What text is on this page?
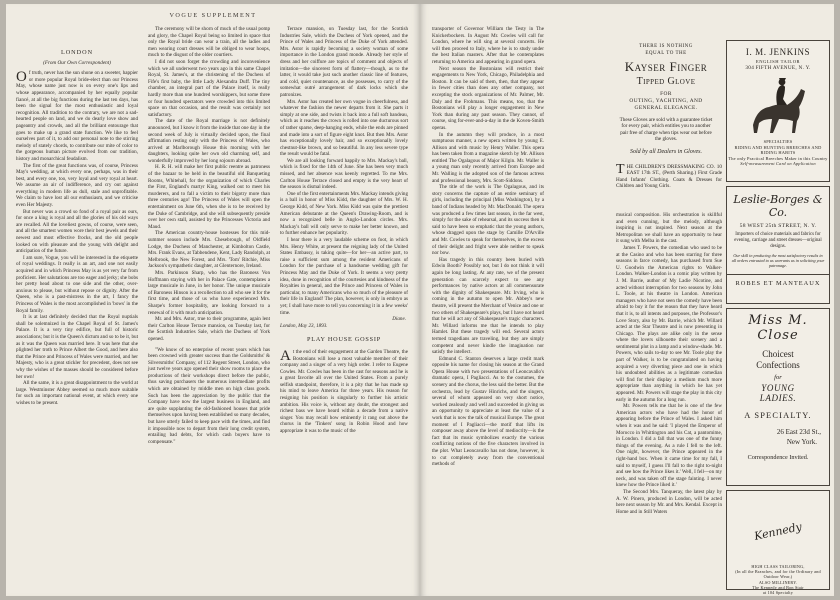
VOGUE SUPPLEMENT
LONDON
(From Our Own Correspondent)

Of truth, never has the sun shone on a sweeter, happier or more popular Royal bride-elect than our Princess May, whose name just now is on every one's lips and whose appearance, accompanied by her equally popular fiancé, at all the big functions during the last ten days, has been the signal for the most enthusiastic and loyal recognition. All tradition to the contrary, we are not a sad-hearted people on land, and we do dearly love show and pageantry and crowds, and all the brilliant entourage that goes to make up a grand state function. We like to feel ourselves part of it, to add our personal note to the stirring melody of stately chords, to contribute our mite of color to the gorgeous human picture evolved from our tradition, history and monarchical feudalism.

The first of the great functions was, of course, Princess May's wedding, at which every one, perhaps, was in their best, and every one, too, very loyal and very royal at heart. We assume an air of indifference, and cry out against everything in modern life as dull, stale and unprofitable. We claim to have lost all our enthusiasm, and we criticise even Her Majesty.

But never was a crowd so fond of a royal pair as ours, for once a king is royal and all the glories of his old ways are recalled. All the loveliest gowns, of course, were seen, and all the smartest women wore their best jewels and their newest and most effective frocks, and the old people looked on with pleasure and the young with delight and anticipation of the future.

I am sure, Vogue, you will be interested in the etiquette of royal weddings. It really is an art, and one not easily acquired and in which Princess May is as yet very far from proficient. Her salutations are too eager and jerky; she bobs her pretty head about to one side and the other, over-anxious to please, but without repose or dignity. After the Queen, who is a past-mistress in the art, I fancy the Princess of Wales is the most accomplished in 'bows' in the Royal family.

It is at last definitely decided that the Royal nuptials shall be solemnized in the Chapel Royal of St. James's Palace. It is a very tiny edifice, but full of historic associations; but it is the Queen's dictum and so to be it, but as it was the Queen was married here. It was here that she plighted her troth to Prince Albert the Good, and here also that the Prince and Princess of Wales were married, and her Majesty, who is a great stickler for precedent, does not see why the wishes of the masses should be considered before her own!

All the same, it is a great disappointment to the world at large. Westminster Abbey seemed so much more suitable for such an important national event, at which every one wishes to be present.

The ceremony will be shorn of much of the usual pomp and glory, the Chapel Royal being so limited in space that only the Royal bride can wear a train, all the ladies and men wearing court dresses will be obliged to wear hoops, much to the disgust of the older courtiers.

I did not soon forget the crowding and inconvenience which we all underwent two years ago in this same Chapel Royal, St. James's, at the christening of the Duchess of Fife's first baby, the little Lady Alexandra Duff. The tiny chamber, an integral part of the Palace itself, is really hardly more than one hundred worshippers, but some three or four hundred spectators were crowded into this limited space on that occasion, and the result was certainly not satisfactory.

The date of the Royal marriage is not definitely announced, but I know it from the inside that one day in the second week of July is virtually decided upon, the final affirmation resting only with the Princess of Wales, who arrived at Marlborough House this morning with her daughters, looking quite her own old charming self, and wonderfully improved by her long sojourn abroad.

H. R. H. will make her first public reentre as patroness of the bazaar to be held in the beautiful old Banqueting Rooms, Whitehall, for the organization of which Charles the First, England's martyr King, walked out to meet his murderers, and to fall a victim to their bigotry more than three centuries ago! The Princess of Wales will open the entertainment on June 6th, when she is to be received by the Duke of Cambridge, and she will subsequently preside over her own stall, assisted by the Princesses Victoria and Maud.

The American country-house hostesses for this mid-summer season include Mrs. Chesebrough, of Oldfield Lodge, the Duchess of Manchester, at Kimbolton Castle, Mrs. Frank Evans, at Tabbendene, Kent, Lady Randolph, at Melbrook, the New Forest, and Mrs. 'Tom' Ritchie, Miss Jackson's sympathetic daughter, at Glenternore, Ireland.

Mrs. Parkinson Sharp, who has the Baroness Von Hoffmann staying with her in Palace Gate, contemplates a large musicale in June, in her honor. The unique musicale of Baroness Hinson is a recollection to all who see it for the first time, and those of us who have experienced Mrs. Sharpe's former hospitality, are looking forward to a renewal of it with much anticipation.

Mr. and Mrs. Astor, true to their programme, again lent their Carlton House Terrace mansion, on Tuesday last, for the Scottish Industries Sale, which the Duchess of York opened.

"We know of no enterprise of recent years which has been crowned with greater success than the Goldsmiths' & Silversmiths' Company, of 112 Regent Street, London, who just twelve years ago opened their show rooms to place the productions of their workshops direct before the public, thus saving purchasers the numerous intermediate profits which are obtained by middle men on high class goods. Such has been the appreciation by the public that the Company have now the largest business in England, and are quite supplanting the old-fashioned houses that pride themselves upon having been established so many decades, but have utterly failed to keep pace with the times, and find it impossible now to depart from their long credit system, entailing bad debts, for which cash buyers have to compensate."

Terrace mansion, on Tuesday last, for the Scottish Industries Sale, which the Duchess of York opened, and the Prince of Wales and Princess of the Duke of York attended. Mrs. Astor is rapidly becoming a society woman of some importance in the London grand monde. Already her style of dress and her coiffure are topics of comment and objects of imitation—the sincerest form of flattery—though, as to the latter, it would take just such another classic line of features, and cold, quiet countenance, as she possesses, to carry of the somewhat outré arrangement of dark locks which she patronizes.

Mrs. Astor has created her own vogue in cheerfulness, and whatever the fashion the newer departs from it. She parts it simply at one side, and twists it back into a full soft bandeau, which as it reaches the crown is rolled into one ducturous sort of rather sparse, deep-hanging ends, while the ends are pinned and made into a sort of figure eight knot. But then Mrs. Astor has exceptionally lovely hair, and so exceptionally lovely chestnut-like brown, and so beautiful. In any less severe type the result would be fatal.

We are all looking forward happily to Mrs. Mackay's ball, which is fixed for the 14th of June. She has been very much missed, and her absence was keenly regretted. To me Mrs. Carlton House Terrace closed and empty is the very heart of the season is dismal indeed.

One of the first entertainments Mrs. Mackay intends giving is a ball in honor of Miss Kidd, the daughter of Mrs. W. H. George Kidd, of New York. Miss Kidd was quite the prettiest American debutante at the Queen's Drawing-Room, and is now a recognized belle in Anglo-London circles. Mrs. Mackay's ball will only serve to make her better known, and to further enhance her popularity.

I hear there is a very laudable scheme on foot, in which Mrs. Henry White, at present the reigning lady of the United States Embassy, is taking quite—for her—an active part, to raise a sufficient sum among the resident Americans of London for the purchase of a handsome wedding gift for Princess May and the Duke of York. It seems a very pretty idea, done in recognition of the courtesies and kindness of the Royalties in general, and the Prince and Princess of Wales in particular, to many Americans who so much of the pleasure of their life in England! The plan, however, is only in embryo as yet; I shall have more to tell you concerning it in a few weeks' time.

Diane.
London, May 23, 1893.
PLAY HOUSE GOSSIP

At the end of their engagement at the Garden Theatre, the Bostonians will lose a most valuable member of their company and a singer of a very high order. I refer to Eugene Cowles. Mr. Cowles has been in the cast for seasons and he is a great favorite all over the United States. From a purely selfish standpoint, therefore, it is a pity that he has made up his mind to leave America for three years. His reason for resigning his position is singularly to further his artistic ambition. His voice is, without any doubt, the strongest and richest bass we have heard within a decade from a native singer. You may recall how eminently it rang out above the chorus in the 'Tinkers' song in Robin Hood and how appropriate it was to the music of the

transporter of Governor William the Testy in The Knickerbockers. In August Mr. Cowles will call for London, where he will sing at several concerts. He will then proceed to Italy, where he is to study under the best Italian masters. After that he contemplates returning to America and appearing in grand opera.

Next season the Bostonians will restrict their engagements to New York, Chicago, Philadelphia and Boston. It can be said of them, then, that they appear in fewer cities than does any other company, not excepting the stock organizations of Mr. Palmer, Mr. Daly and the Frohmans. This means, too, that the Bostonians will play a longer engagement in New York than during any past season. They cannot, of course, sing for-ever-and-a-day in the de Koven-Smith operas.

In the autumn they will produce, in a most sumptuous manner, a new opera written by young E. Allison and with music by Henry Waller. This opera has been taken from a magazine sketch by Mr. Allison entitled The Ogalagous of Major Kilgin. Mr. Waller is a young man only recently arrived from Europe and Mr. Walling is the adopted son of the famous actress and professional beauty, Mrs. Scott-Siddons.

The title of the work is The Ogalagous, and its story concerns the capture of an entire seminary of girls, including the principal (Miss Washington), by a band of Indians headed by Mr. MacDonald. The opera was produced a few times last season, in the far west, simply for the sake of rehearsal, and its success then is said to have been so emphatic that the young authors, whose dragged upon the stage by Camille D'Arville and Mr. Cowles to speak for themselves, in the excess of their delight and fright were able neither to speak nor bow.

Has tragedy in this country been buried with Edwin Booth? Possibly not, but I do not think it will again be long lasting. At any rate, we of the present generation can scarcely expect to see any performances by native actors at all commensurate with the dignity of Shakespeare. Mr. Irving, who is coming in the autumn to open Mr. Abbey's new theatre, will present the Merchant of Venice and one or two others of Shakespeare's plays, but I have not heard that he will act any of Shakespeare's tragic characters. Mr. Willard informs me that he intends to play Hamlet. But these tragedy will end. Several actors termed tragedians are traveling, but they are simply competent and never kindle the imagination nor satisfy the intellect.

Edmund C. Stanton deserves a large credit mark opposite his name for closing his season at the Grand Opera House with two presentations of Leoncavallo's dramatic opera, I Pagliacci. As to the costumes, the scenery and the chorus, the less said the better. But the orchestra, lead by Gustav Hinrichs, and the singers, several of whom appeared on very short notice, worked zealously and well and succeeded in giving us an opportunity to appreciate at least the value of a work that is now the talk of musical Europe. The great moment of I Pagliacci—the motif that lifts its composer away above the level of mediocrity—is the fact that its music symbolizes exactly the various conflicting notions of the five characters involved in the plot. What Leoncavallo has not done, however, is to cut completely away from the conventional methods of

THERE IS NOTHING
EQUAL TO THE
Kayser Finger
Tipped Glove
FOR
OUTING, YACHTING, AND
GENERAL ELEGANCE.
These Gloves are sold with a guarantee ticket for every pair, which entitles you to another pair free of charge when tips wear out before the gloves.
Sold by all Dealers in Gloves.
THE CHILDREN'S DRESSMAKING CO. 10 EAST 17th ST., (Perth Sharing.) First Grade Hand Infants' Clothing. Coats & Dresses for Children and Young Girls.

musical composition. His orchestration is skillful and even cunning, but the melody, although inspiring is not inspired. Next season at the Metropolitan we shall have an opportunity to hear it sung with Melba in the cast.

James T. Powers, the comedian who used to be at the Casino and who has been starring for three seasons in farce comedy, has purchased from Sue U. Goodwin the American rights to Walker-London. Walker-London is a comic play written by J. M. Barrie, author of My Ladie Nicotine, and acted without interruption for two seasons by John L. Toole, at his theatre in London. American managers who have not seen the comedy have been afraid to buy it for the reason that they have heard that it is, to all intents and purposes, the Professor's Love Story, also by Mr. Barrie, which Mr. Willard acted at the Star Theatre and is now presenting in Chicago. The plays are alike only in the sense where the lovers silhouette their scenery and a sentimental plot in a lamp and a window-shade. Mr. Powers, who sails to-day to see Mr. Toole play the part of Walker, is to be congratulated on having acquired a very diverting piece and one in which his undoubted abilities as a legitimate comedian will find for their display a medium much more appropriate than anything in which he has yet appeared. Mr. Powers will stage the play in this city early in the autumn for a long run.

Mr. Powers tells me that he is one of the few American actors who have had the honor of appearing before the Prince of Wales. I asked him when it was and he said: 'I played the Emperor of Morocco in Whittington and his Cat, a pantomime, in London. I did a fall that was one of the funny things of the evening. As a rule I fell to the left. One night, however, the Prince appeared in the right-hand box. When it came time for my fall, I said to myself, I guess I'll fall to the right to-night and see how the Prince likes it.' Well, I fell—on my neck, and was taken off the stage fainting. I never knew how the Prince liked it.'

The Second Mrs. Tanqueray, the latest play by A. W. Pinero, produced in London, will be acted here next season by Mr. and Mrs. Kendal. Except in Home and in Still Waters

I. M. JENKINS
ENGLISH TAILOR
304 FIFTH AVENUE, N. Y.
SPECIALTIES
RIDING AND HUNTING BREECHES AND
RIDING HABITS
The only Practical Breeches Maker in this Country
Self-measurement Card on Application
Leslie-Borges & Co.
58 WEST 25th STREET, N. Y.
Importers of choice materials and fabrics for evening, carriage and street dresses—original designs.
Our skill in producing the most satisfactory results in all orders entrusted to us warrants us in soliciting your patronage.
ROBES ET MANTEAUX
Miss M. Close
Choicest
Confections
for
YOUNG
LADIES.
A SPECIALTY.
26 East 23d St.,
New York.
Correspondence Invited.
Kennedy
HIGH CLASS TAILORING,
(In all the Branches, and for the Ordinary and Outdoor Wear,)
ALSO MILLINERY.
The Kennedy and Bon Stair
at 104 Specialty
